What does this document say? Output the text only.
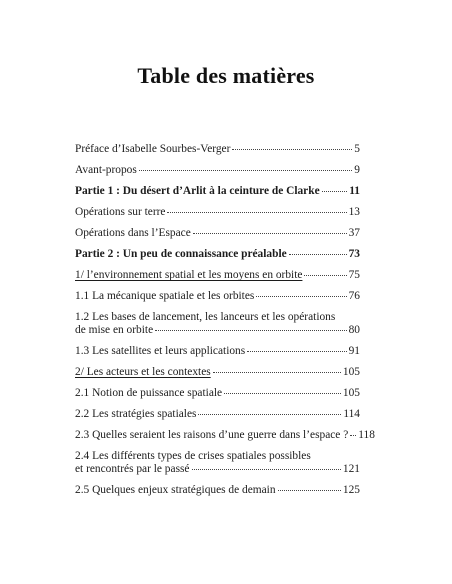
Table des matières
Préface d’Isabelle Sourbes-Verger	5
Avant-propos	9
Partie 1 : Du désert d’Arlit à la ceinture de Clarke	11
Opérations sur terre	13
Opérations dans l’Espace	37
Partie 2 : Un peu de connaissance préalable	73
1/ l’environnement spatial et les moyens en orbite	75
1.1 La mécanique spatiale et les orbites	76
1.2 Les bases de lancement, les lanceurs et les opérations
de mise en orbite	80
1.3 Les satellites et leurs applications	91
2/ Les acteurs et les contextes	105
2.1 Notion de puissance spatiale	105
2.2 Les stratégies spatiales	114
2.3 Quelles seraient les raisons d’une guerre dans l’espace ? 118
2.4 Les différents types de crises spatiales possibles
et rencontrés par le passé	121
2.5 Quelques enjeux stratégiques de demain	125
